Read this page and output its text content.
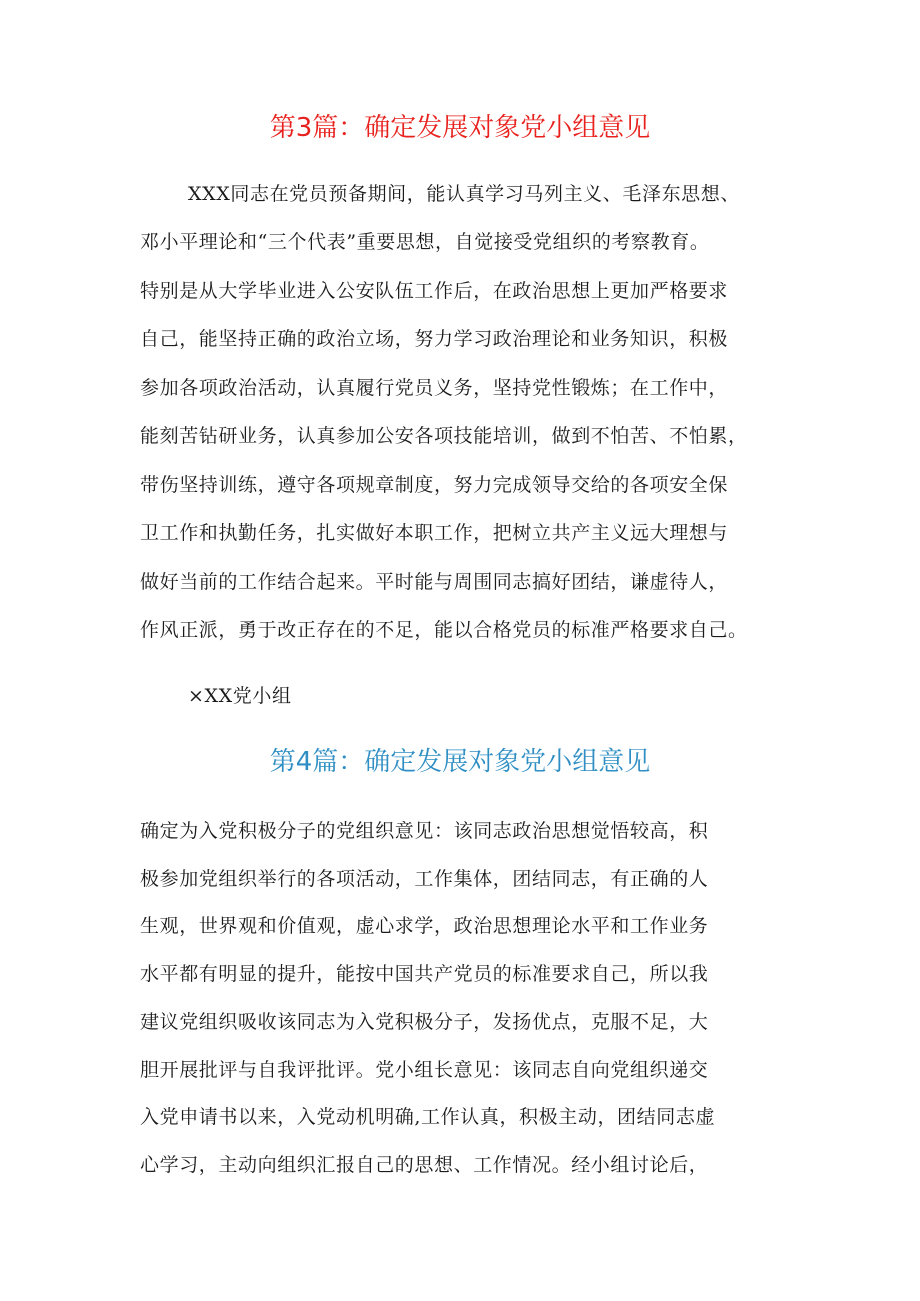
第3篇：确定发展对象党小组意见
XXX同志在党员预备期间，能认真学习马列主义、毛泽东思想、
邓小平理论和“三个代表”重要思想，自觉接受党组织的考察教育。
特别是从大学毕业进入公安队伍工作后，在政治思想上更加严格要求
自己，能坚持正确的政治立场，努力学习政治理论和业务知识，积极
参加各项政治活动，认真履行党员义务，坚持党性锻炼；在工作中，
能刻苦钻研业务，认真参加公安各项技能培训，做到不怕苦、不怕累，
带伤坚持训练，遵守各项规章制度，努力完成领导交给的各项安全保
卫工作和执勤任务，扎实做好本职工作，把树立共产主义远大理想与
做好当前的工作结合起来。平时能与周围同志搞好团结，谦虚待人，
作风正派，勇于改正存在的不足，能以合格党员的标准严格要求自己。
×XX党小组
第4篇：确定发展对象党小组意见
确定为入党积极分子的党组织意见：该同志政治思想觉悟较高，积
极参加党组织举行的各项活动，工作集体，团结同志，有正确的人
生观，世界观和价值观，虚心求学，政治思想理论水平和工作业务
水平都有明显的提升，能按中国共产党员的标准要求自己，所以我
建议党组织吸收该同志为入党积极分子，发扬优点，克服不足，大
胆开展批评与自我评批评。党小组长意见：该同志自向党组织递交
入党申请书以来，入党动机明确,工作认真，积极主动，团结同志虚
心学习，主动向组织汇报自己的思想、工作情况。经小组讨论后，
